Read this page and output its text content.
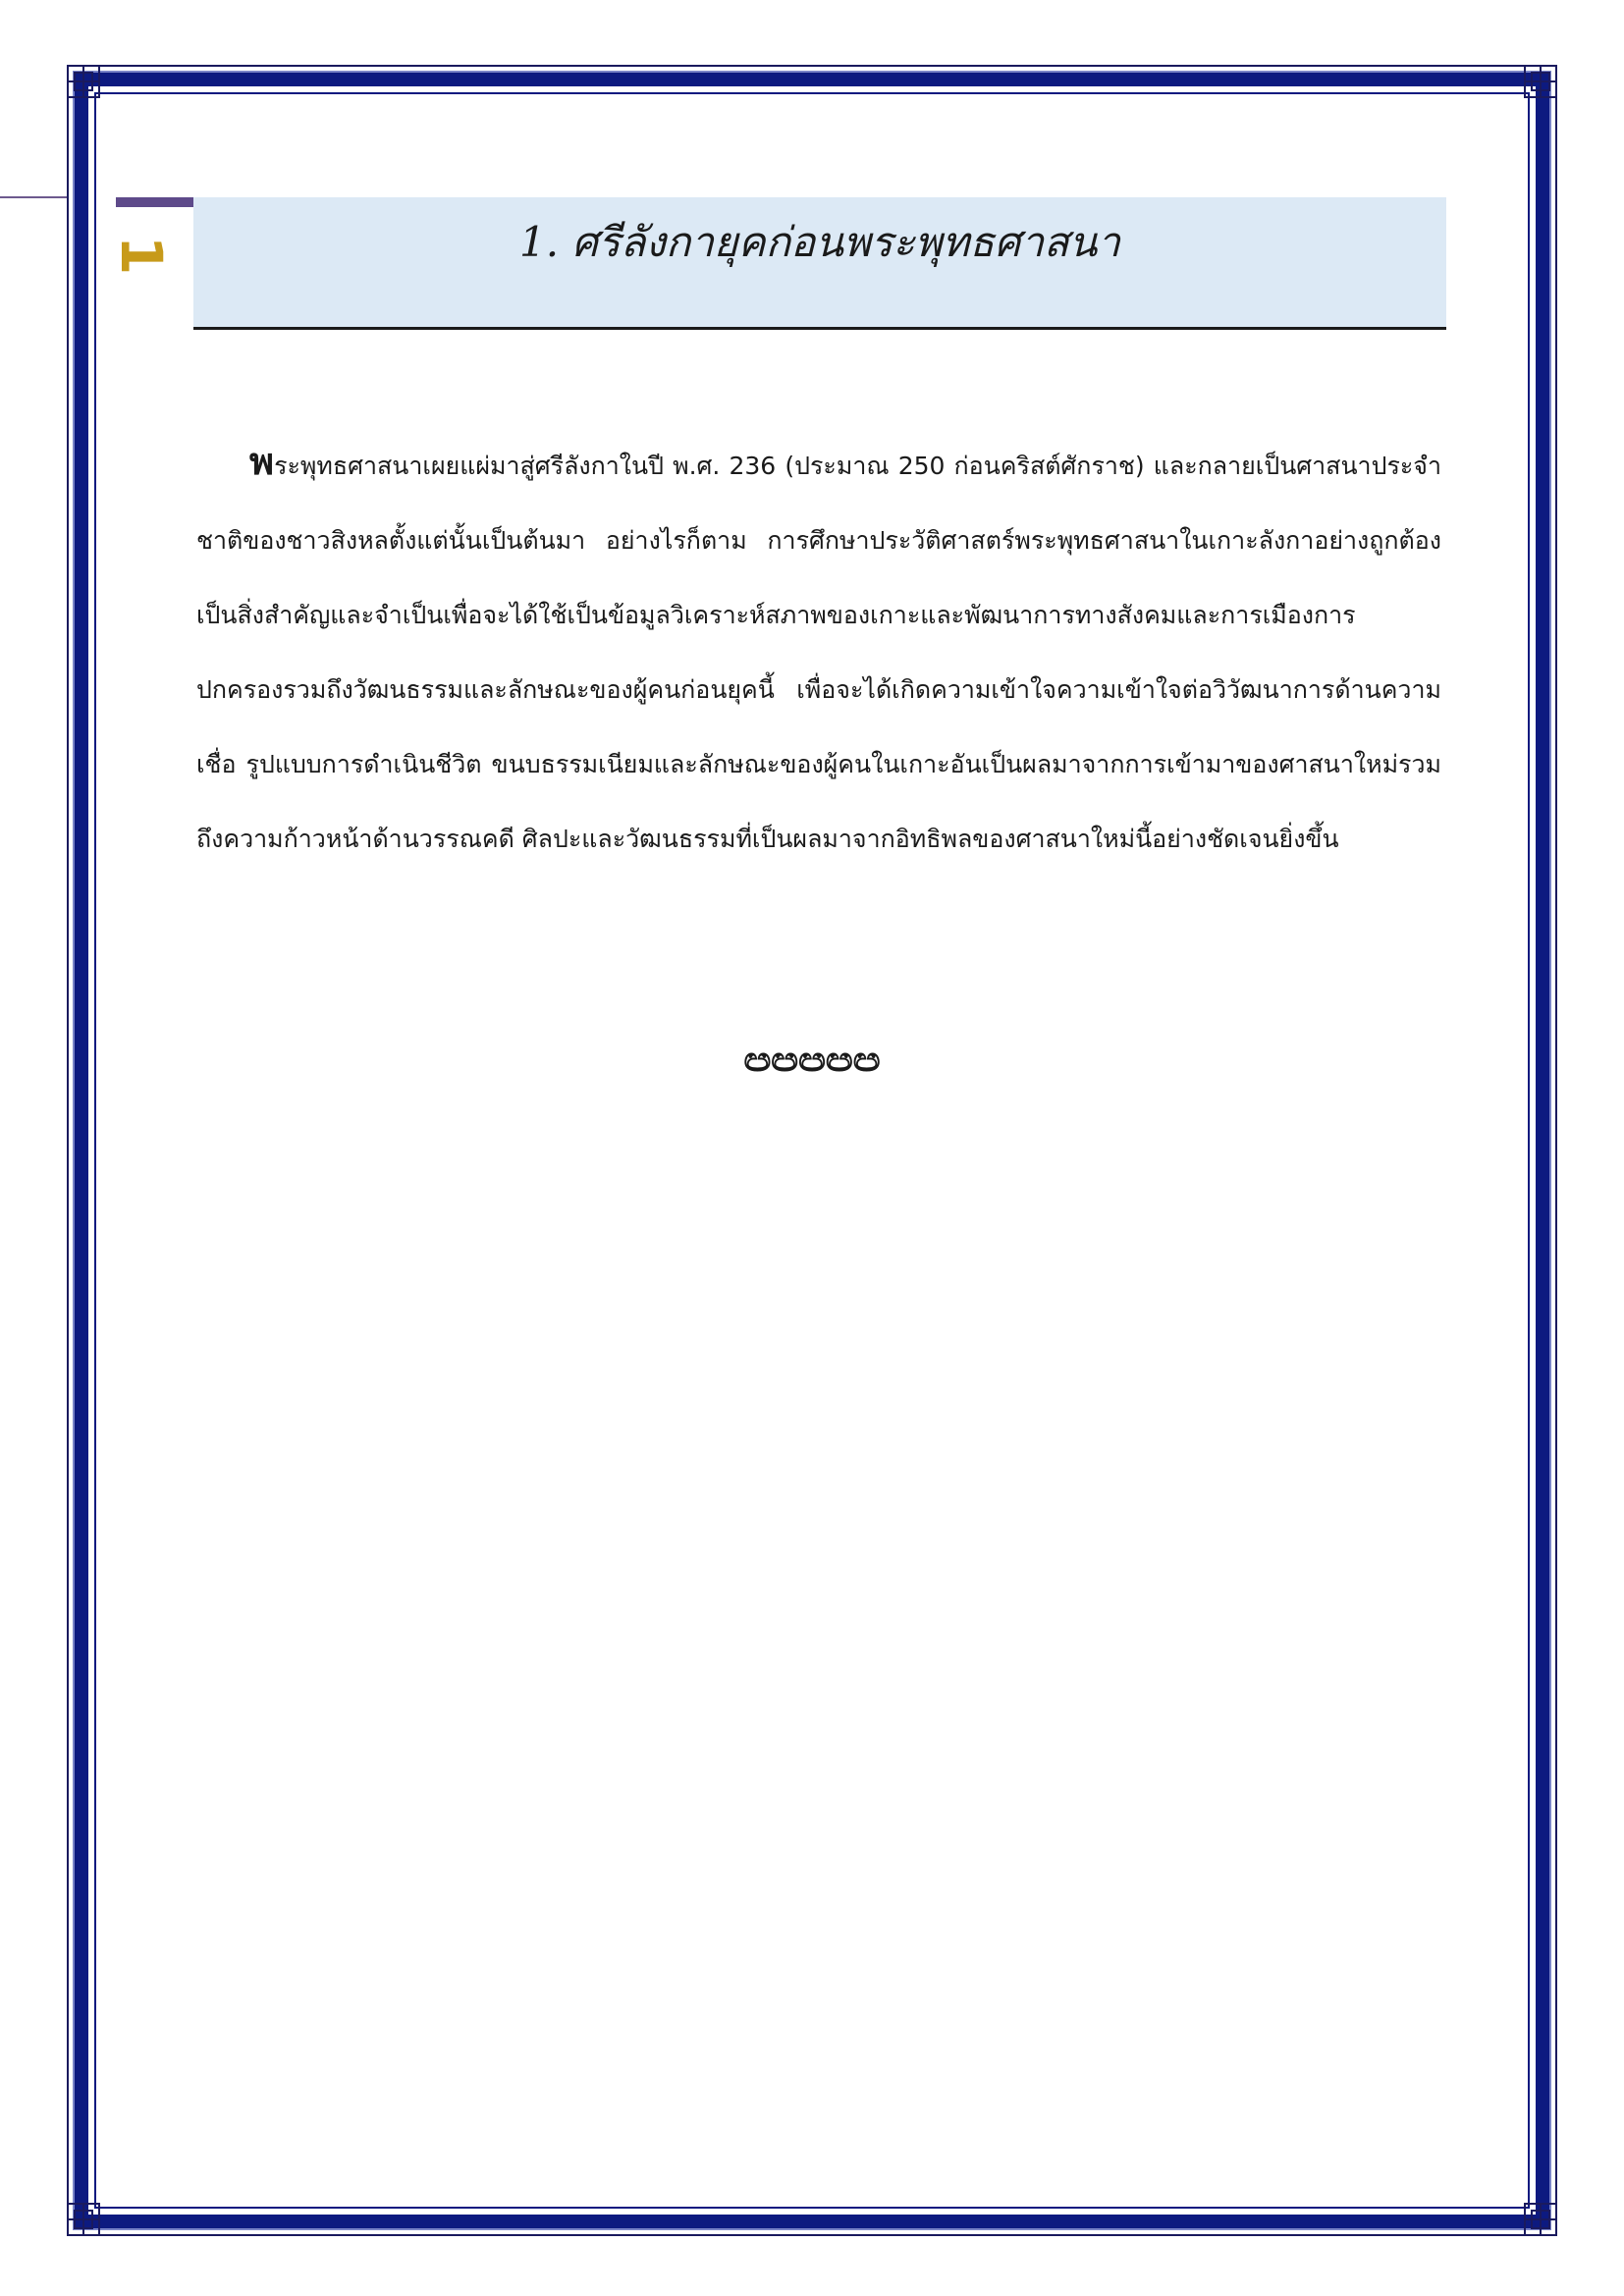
1	1. ศรีลังกายุคก่อนพระพุทธศาสนา
พระพุทธศาสนาเผยแผ่มาสู่ศรีลังกาในปี พ.ศ. 236 (ประมาณ 250 ก่อนคริสต์ศักราช) และกลายเป็นศาสนาประจำชาติของชาวสิงหลตั้งแต่นั้นเป็นต้นมา อย่างไรก็ตาม การศึกษาประวัติศาสตร์พระพุทธศาสนาในเกาะลังกาอย่างถูกต้องเป็นสิ่งสำคัญและจำเป็นเพื่อจะได้ใช้เป็นข้อมูลวิเคราะห์สภาพของเกาะและพัฒนาการทางสังคมและการเมืองการปกครองรวมถึงวัฒนธรรมและลักษณะของผู้คนก่อนยุคนี้ เพื่อจะได้เกิดความเข้าใจความเข้าใจต่อวิวัฒนาการด้านความเชื่อ รูปแบบการดำเนินชีวิต ขนบธรรมเนียมและลักษณะของผู้คนในเกาะอันเป็นผลมาจากการเข้ามาของศาสนาใหม่รวมถึงความก้าวหน้าด้านวรรณคดี ศิลปะและวัฒนธรรมที่เป็นผลมาจากอิทธิพลของศาสนาใหม่นี้อย่างชัดเจนยิ่งขึ้น
ඏඏඏඏඏ
